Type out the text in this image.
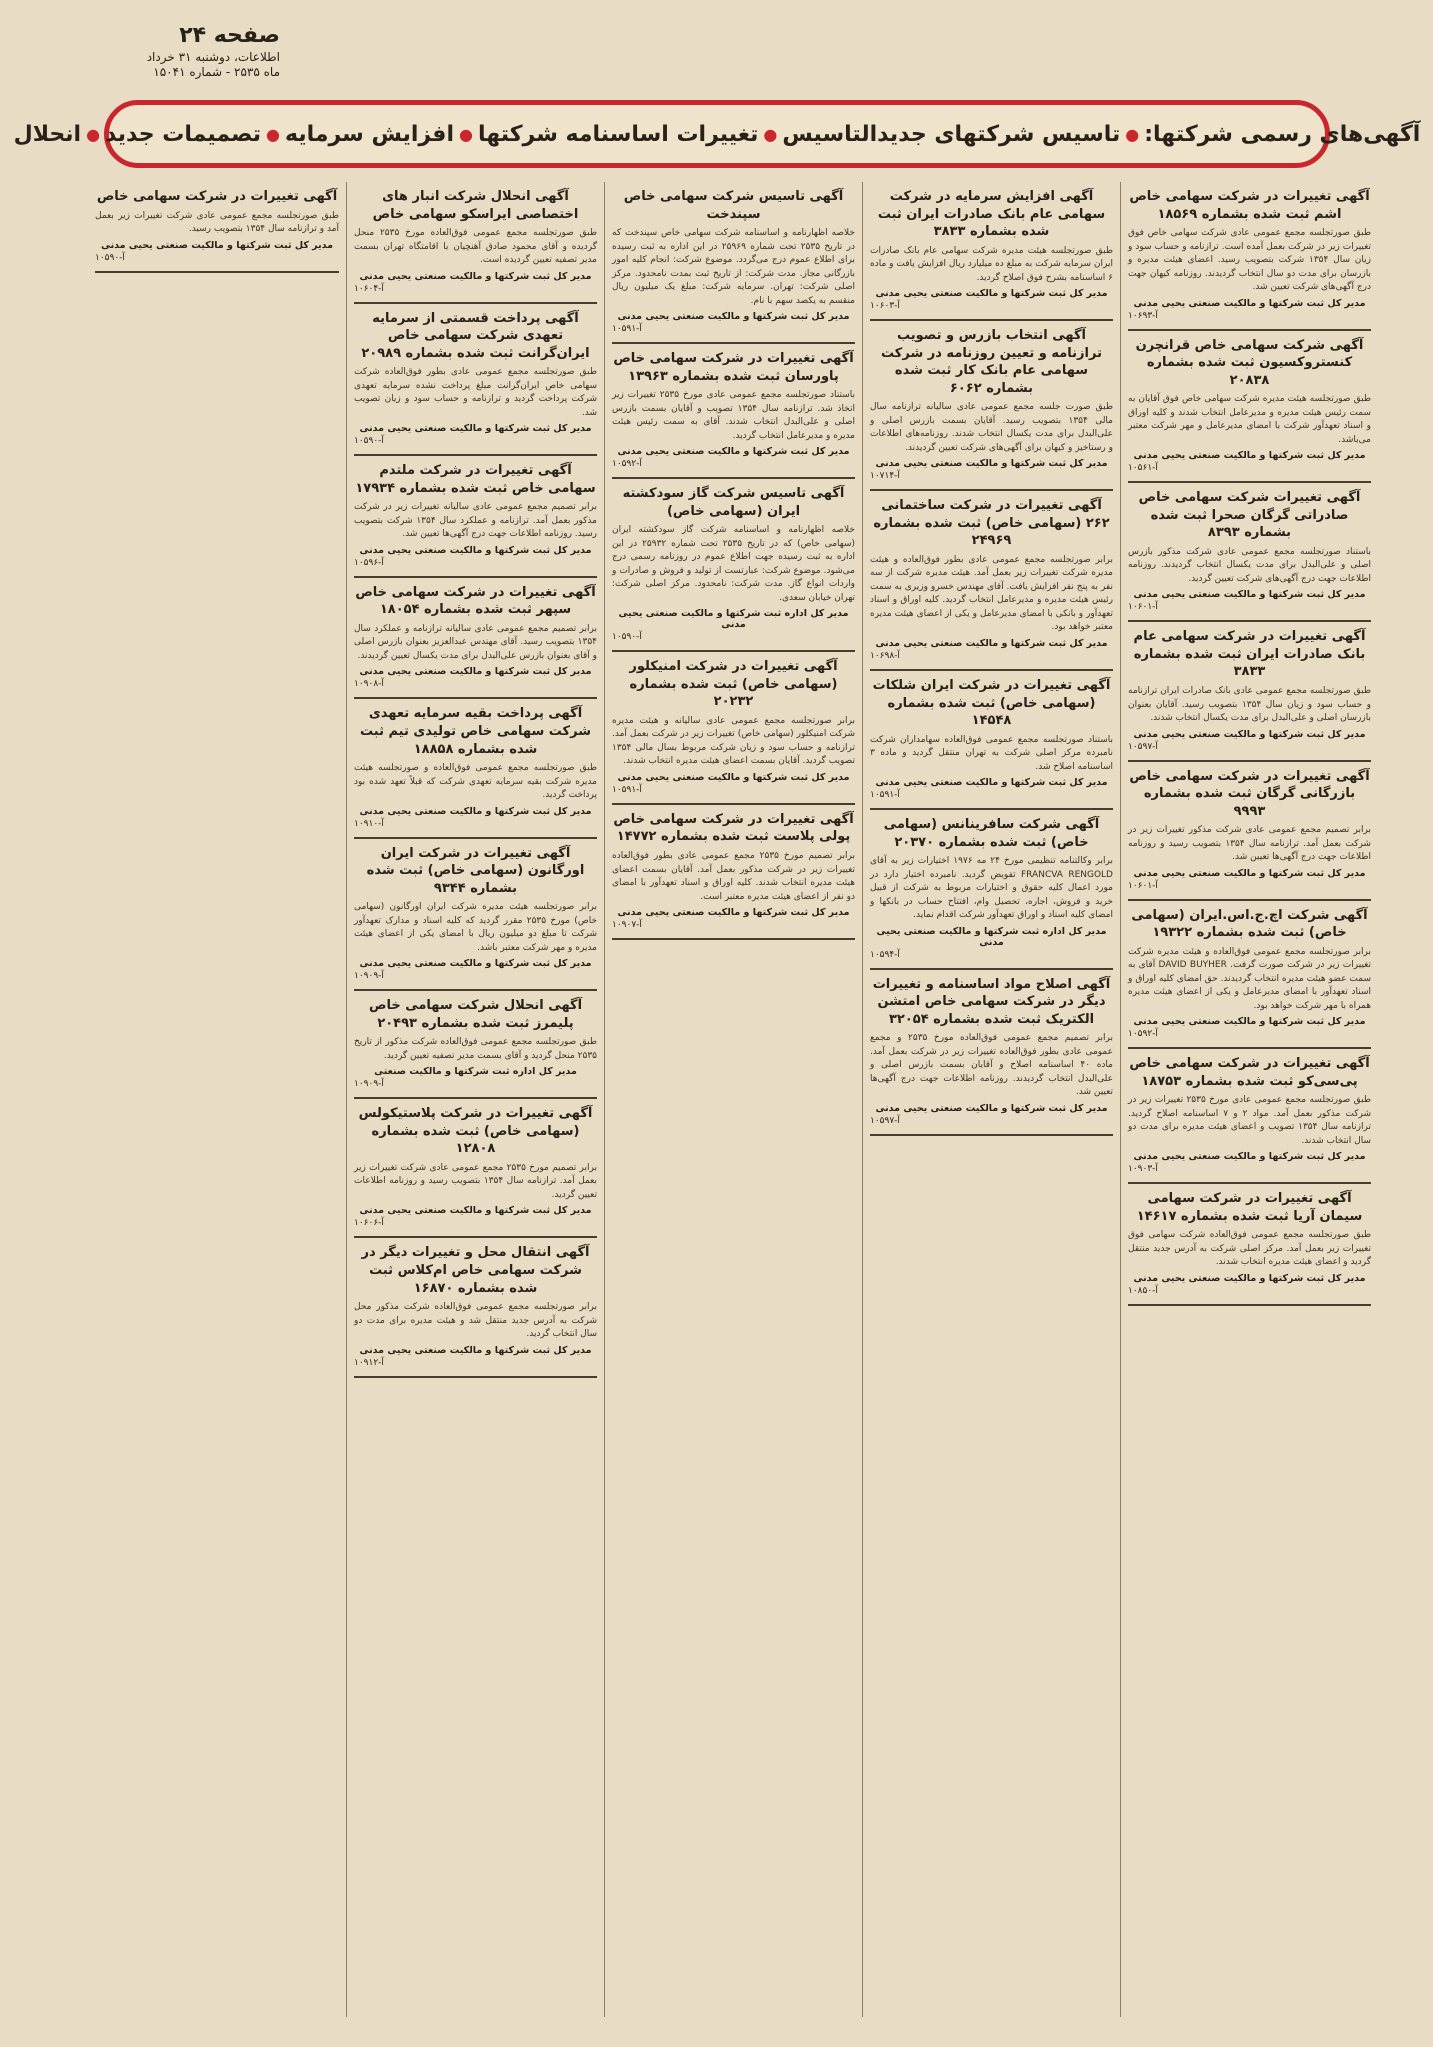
صفحه ۲۴
اطلاعات، دوشنبه ۳۱ خرداد
ماه ۲۵۳۵ - شماره ۱۵۰۴۱
آگهی‌های رسمی شرکتها:
●
تاسیس شرکتهای جدیدالتاسیس
●
تغییرات اساسنامه شرکتها
●
افزایش سرمایه
●
تصمیمات جدید
●
انحلال
آگهی تغییرات در شرکت سهامی خاص اشم ثبت شده بشماره ۱۸۵۶۹

طبق صورتجلسه مجمع عمومی عادی شرکت سهامی خاص فوق تغییرات زیر در شرکت بعمل آمده است. ترازنامه و حساب سود و زیان سال ۱۳۵۴ شرکت بتصویب رسید. اعضای هیئت مدیره و بازرسان برای مدت دو سال انتخاب گردیدند. روزنامه کیهان جهت درج آگهی‌های شرکت تعیین شد.

مدیر کل ثبت شرکتها و مالکیت صنعتی یحیی مدنی
آ-۱۰۶۹۳
آگهی شرکت سهامی خاص قرانچرن کنستروکسیون ثبت شده بشماره ۲۰۸۳۸

طبق صورتجلسه هیئت مدیره شرکت سهامی خاص فوق آقایان به سمت رئیس هیئت مدیره و مدیرعامل انتخاب شدند و کلیه اوراق و اسناد تعهدآور شرکت با امضای مدیرعامل و مهر شرکت معتبر می‌باشد.

مدیر کل ثبت شرکتها و مالکیت صنعتی یحیی مدنی
آ-۱۰۵۶۱
آگهی تغییرات شرکت سهامی خاص صادراتی گرگان صحرا ثبت شده بشماره ۸۳۹۳

باستناد صورتجلسه مجمع عمومی عادی شرکت مذکور بازرس اصلی و علی‌البدل برای مدت یکسال انتخاب گردیدند. روزنامه اطلاعات جهت درج آگهی‌های شرکت تعیین گردید.

مدیر کل ثبت شرکتها و مالکیت صنعتی یحیی مدنی
آ-۱۰۶۰۱
آگهی تغییرات در شرکت سهامی عام بانک صادرات ایران ثبت شده بشماره ۳۸۳۳

طبق صورتجلسه مجمع عمومی عادی بانک صادرات ایران ترازنامه و حساب سود و زیان سال ۱۳۵۴ بتصویب رسید. آقایان بعنوان بازرسان اصلی و علی‌البدل برای مدت یکسال انتخاب شدند.

مدیر کل ثبت شرکتها و مالکیت صنعتی یحیی مدنی
آ-۱۰۵۹۷
آگهی تغییرات در شرکت سهامی خاص بازرگانی گرگان ثبت شده بشماره ۹۹۹۳

برابر تصمیم مجمع عمومی عادی شرکت مذکور تغییرات زیر در شرکت بعمل آمد. ترازنامه سال ۱۳۵۴ بتصویب رسید و روزنامه اطلاعات جهت درج آگهی‌ها تعیین شد.

مدیر کل ثبت شرکتها و مالکیت صنعتی یحیی مدنی
آ-۱۰۶۰۱
آگهی شرکت اچ.ج.اس.ایران (سهامی خاص) ثبت شده بشماره ۱۹۳۲۲

برابر صورتجلسه مجمع عمومی فوق‌العاده و هیئت مدیره شرکت تغییرات زیر در شرکت صورت گرفت. DAVID BUYHER آقای به سمت عضو هیئت مدیره انتخاب گردیدند. حق امضای کلیه اوراق و اسناد تعهدآور با امضای مدیرعامل و یکی از اعضای هیئت مدیره همراه با مهر شرکت خواهد بود.

مدیر کل ثبت شرکتها و مالکیت صنعتی یحیی مدنی
آ-۱۰۵۹۲
آگهی تغییرات در شرکت سهامی خاص پی‌سی‌کو ثبت شده بشماره ۱۸۷۵۳

طبق صورتجلسه مجمع عمومی عادی مورخ ۲۵۳۵ تغییرات زیر در شرکت مذکور بعمل آمد. مواد ۲ و ۷ اساسنامه اصلاح گردید. ترازنامه سال ۱۳۵۴ تصویب و اعضای هیئت مدیره برای مدت دو سال انتخاب شدند.

مدیر کل ثبت شرکتها و مالکیت صنعتی یحیی مدنی
آ-۱۰۹۰۳
آگهی تغییرات در شرکت سهامی سیمان آریا ثبت شده بشماره ۱۴۶۱۷

طبق صورتجلسه مجمع عمومی فوق‌العاده شرکت سهامی فوق تغییرات زیر بعمل آمد. مرکز اصلی شرکت به آدرس جدید منتقل گردید و اعضای هیئت مدیره انتخاب شدند.

مدیر کل ثبت شرکتها و مالکیت صنعتی یحیی مدنی
آ-۱۰۸۵۰
آگهی افزایش سرمایه در شرکت سهامی عام بانک صادرات ایران ثبت شده بشماره ۳۸۳۳

طبق صورتجلسه هیئت مدیره شرکت سهامی عام بانک صادرات ایران سرمایه شرکت به مبلغ ده میلیارد ریال افزایش یافت و ماده ۶ اساسنامه بشرح فوق اصلاح گردید.

مدیر کل ثبت شرکتها و مالکیت صنعتی یحیی مدنی
آ-۱۰۶۰۳
آگهی انتخاب بازرس و تصویب ترازنامه و تعیین روزنامه در شرکت سهامی عام بانک کار ثبت شده بشماره ۶۰۶۲

طبق صورت جلسه مجمع عمومی عادی سالیانه ترازنامه سال مالی ۱۳۵۴ بتصویب رسید. آقایان بسمت بازرس اصلی و علی‌البدل برای مدت یکسال انتخاب شدند. روزنامه‌های اطلاعات و رستاخیز و کیهان برای آگهی‌های شرکت تعیین گردیدند.

مدیر کل ثبت شرکتها و مالکیت صنعتی یحیی مدنی
آ-۱۰۷۱۴
آگهی تغییرات در شرکت ساختمانی ۲۶۲ (سهامی خاص) ثبت شده بشماره ۲۴۹۶۹

برابر صورتجلسه مجمع عمومی عادی بطور فوق‌العاده و هیئت مدیره شرکت تغییرات زیر بعمل آمد. هیئت مدیره شرکت از سه نفر به پنج نفر افزایش یافت. آقای مهندس خسرو وزیری به سمت رئیس هیئت مدیره و مدیرعامل انتخاب گردید. کلیه اوراق و اسناد تعهدآور و بانکی با امضای مدیرعامل و یکی از اعضای هیئت مدیره معتبر خواهد بود.

مدیر کل ثبت شرکتها و مالکیت صنعتی یحیی مدنی
آ-۱۰۶۹۸
آگهی تغییرات در شرکت ایران شلکات (سهامی خاص) ثبت شده بشماره ۱۴۵۴۸

باستناد صورتجلسه مجمع عمومی فوق‌العاده سهامداران شرکت نامبرده مرکز اصلی شرکت به تهران منتقل گردید و ماده ۳ اساسنامه اصلاح شد.

مدیر کل ثبت شرکتها و مالکیت صنعتی یحیی مدنی
آ-۱۰۵۹۱
آگهی شرکت سافرینانس (سهامی خاص) ثبت شده بشماره ۲۰۳۷۰

برابر وکالتنامه تنظیمی مورخ ۲۴ مه ۱۹۷۶ اختیارات زیر به آقای FRANCVA RENGOLD تفویض گردید. نامبرده اختیار دارد در مورد اعمال کلیه حقوق و اختیارات مربوط به شرکت از قبیل خرید و فروش، اجاره، تحصیل وام، افتتاح حساب در بانکها و امضای کلیه اسناد و اوراق تعهدآور شرکت اقدام نماید.

مدیر کل اداره ثبت شرکتها و مالکیت صنعتی یحیی مدنی
آ-۱۰۵۹۴
آگهی اصلاح مواد اساسنامه و تغییرات دیگر در شرکت سهامی خاص امتشن الکتریک ثبت شده بشماره ۳۲۰۵۴

برابر تصمیم مجمع عمومی فوق‌العاده مورخ ۲۵۳۵ و مجمع عمومی عادی بطور فوق‌العاده تغییرات زیر در شرکت بعمل آمد. ماده ۴۰ اساسنامه اصلاح و آقایان بسمت بازرس اصلی و علی‌البدل انتخاب گردیدند. روزنامه اطلاعات جهت درج آگهی‌ها تعیین شد.

مدیر کل ثبت شرکتها و مالکیت صنعتی یحیی مدنی
آ-۱۰۵۹۷
آگهی تاسیس شرکت سهامی خاص سپندخت

خلاصه اظهارنامه و اساسنامه شرکت سهامی خاص سپندخت که در تاریخ ۲۵۳۵ تحت شماره ۲۵۹۶۹ در این اداره به ثبت رسیده برای اطلاع عموم درج می‌گردد. موضوع شرکت: انجام کلیه امور بازرگانی مجاز. مدت شرکت: از تاریخ ثبت بمدت نامحدود. مرکز اصلی شرکت: تهران. سرمایه شرکت: مبلغ یک میلیون ریال منقسم به یکصد سهم با نام.

مدیر کل ثبت شرکتها و مالکیت صنعتی یحیی مدنی
آ-۱۰۵۹۱
آگهی تغییرات در شرکت سهامی خاص پاورسان ثبت شده بشماره ۱۳۹۶۳

باستناد صورتجلسه مجمع عمومی عادی مورخ ۲۵۳۵ تغییرات زیر اتخاذ شد. ترازنامه سال ۱۳۵۴ تصویب و آقایان بسمت بازرس اصلی و علی‌البدل انتخاب شدند. آقای به سمت رئیس هیئت مدیره و مدیرعامل انتخاب گردید.

مدیر کل ثبت شرکتها و مالکیت صنعتی یحیی مدنی
آ-۱۰۵۹۲
آگهی تاسیس شرکت گاز سودکشته ایران (سهامی خاص)

خلاصه اظهارنامه و اساسنامه شرکت گاز سودکشته ایران (سهامی خاص) که در تاریخ ۲۵۳۵ تحت شماره ۲۵۹۳۲ در این اداره به ثبت رسیده جهت اطلاع عموم در روزنامه رسمی درج می‌شود. موضوع شرکت: عبارتست از تولید و فروش و صادرات و واردات انواع گاز. مدت شرکت: نامحدود. مرکز اصلی شرکت: تهران خیابان سعدی.

مدیر کل اداره ثبت شرکتها و مالکیت صنعتی یحیی مدنی
آ-۱۰۵۹۰
آگهی تغییرات در شرکت امنیکلور (سهامی خاص) ثبت شده بشماره ۲۰۲۳۲

برابر صورتجلسه مجمع عمومی عادی سالیانه و هیئت مدیره شرکت امنیکلور (سهامی خاص) تغییرات زیر در شرکت بعمل آمد. ترازنامه و حساب سود و زیان شرکت مربوط بسال مالی ۱۳۵۴ تصویب گردید. آقایان بسمت اعضای هیئت مدیره انتخاب شدند.

مدیر کل ثبت شرکتها و مالکیت صنعتی یحیی مدنی
آ-۱۰۵۹۱
آگهی تغییرات در شرکت سهامی خاص پولی پلاست ثبت شده بشماره ۱۴۷۷۲

برابر تصمیم مورخ ۲۵۳۵ مجمع عمومی عادی بطور فوق‌العاده تغییرات زیر در شرکت مذکور بعمل آمد. آقایان بسمت اعضای هیئت مدیره انتخاب شدند. کلیه اوراق و اسناد تعهدآور با امضای دو نفر از اعضای هیئت مدیره معتبر است.

مدیر کل ثبت شرکتها و مالکیت صنعتی یحیی مدنی
آ-۱۰۹۰۷
آگهی انحلال شرکت انبار های اختصاصی ایراسکو سهامی خاص

طبق صورتجلسه مجمع عمومی فوق‌العاده مورخ ۲۵۳۵ منحل گردیده و آقای محمود صادق آهنچیان با اقامتگاه تهران بسمت مدیر تصفیه تعیین گردیده است.

مدیر کل ثبت شرکتها و مالکیت صنعتی یحیی مدنی
آ-۱۰۶۰۴
آگهی پرداخت قسمتی از سرمایه تعهدی شرکت سهامی خاص ایران‌گرانت ثبت شده بشماره ۲۰۹۸۹

طبق صورتجلسه مجمع عمومی عادی بطور فوق‌العاده شرکت سهامی خاص ایران‌گرانت مبلغ پرداخت نشده سرمایه تعهدی شرکت پرداخت گردید و ترازنامه و حساب سود و زیان تصویب شد.

مدیر کل ثبت شرکتها و مالکیت صنعتی یحیی مدنی
آ-۱۰۵۹۰
آگهی تغییرات در شرکت ملتدم سهامی خاص ثبت شده بشماره ۱۷۹۳۴

برابر تصمیم مجمع عمومی عادی سالیانه تغییرات زیر در شرکت مذکور بعمل آمد. ترازنامه و عملکرد سال ۱۳۵۴ شرکت بتصویب رسید. روزنامه اطلاعات جهت درج آگهی‌ها تعیین شد.

مدیر کل ثبت شرکتها و مالکیت صنعتی یحیی مدنی
آ-۱۰۵۹۶
آگهی تغییرات در شرکت سهامی خاص سپهر ثبت شده بشماره ۱۸۰۵۴

برابر تصمیم مجمع عمومی عادی سالیانه ترازنامه و عملکرد سال ۱۳۵۴ بتصویب رسید. آقای مهندس عبدالعزیز بعنوان بازرس اصلی و آقای بعنوان بازرس علی‌البدل برای مدت یکسال تعیین گردیدند.

مدیر کل ثبت شرکتها و مالکیت صنعتی یحیی مدنی
آ-۱۰۹۰۸
آگهی پرداخت بقیه سرمایه تعهدی شرکت سهامی خاص تولیدی تیم ثبت شده بشماره ۱۸۸۵۸

طبق صورتجلسه مجمع عمومی فوق‌العاده و صورتجلسه هیئت مدیره شرکت بقیه سرمایه تعهدی شرکت که قبلاً تعهد شده بود پرداخت گردید.

مدیر کل ثبت شرکتها و مالکیت صنعتی یحیی مدنی
آ-۱۰۹۱۰
آگهی تغییرات در شرکت ایران اورگانون (سهامی خاص) ثبت شده بشماره ۹۳۴۴

برابر صورتجلسه هیئت مدیره شرکت ایران اورگانون (سهامی خاص) مورخ ۲۵۳۵ مقرر گردید که کلیه اسناد و مدارک تعهدآور شرکت تا مبلغ دو میلیون ریال با امضای یکی از اعضای هیئت مدیره و مهر شرکت معتبر باشد.

مدیر کل ثبت شرکتها و مالکیت صنعتی یحیی مدنی
آ-۱۰۹۰۹
آگهی انحلال شرکت سهامی خاص پلیمرز ثبت شده بشماره ۲۰۴۹۳

طبق صورتجلسه مجمع عمومی فوق‌العاده شرکت مذکور از تاریخ ۲۵۳۵ منحل گردید و آقای بسمت مدیر تصفیه تعیین گردید.

مدیر کل اداره ثبت شرکتها و مالکیت صنعتی
آ-۱۰۹۰۹
آگهی تغییرات در شرکت پلاستیکولس (سهامی خاص) ثبت شده بشماره ۱۲۸۰۸

برابر تصمیم مورخ ۲۵۳۵ مجمع عمومی عادی شرکت تغییرات زیر بعمل آمد. ترازنامه سال ۱۳۵۴ بتصویب رسید و روزنامه اطلاعات تعیین گردید.

مدیر کل ثبت شرکتها و مالکیت صنعتی یحیی مدنی
آ-۱۰۶۰۶
آگهی انتقال محل و تغییرات دیگر در شرکت سهامی خاص ام‌کلاس ثبت شده بشماره ۱۶۸۷۰

برابر صورتجلسه مجمع عمومی فوق‌العاده شرکت مذکور محل شرکت به آدرس جدید منتقل شد و هیئت مدیره برای مدت دو سال انتخاب گردید.

مدیر کل ثبت شرکتها و مالکیت صنعتی یحیی مدنی
آ-۱۰۹۱۲
آگهی تغییرات در شرکت سهامی خاص

طبق صورتجلسه مجمع عمومی عادی شرکت تغییرات زیر بعمل آمد و ترازنامه سال ۱۳۵۴ بتصویب رسید.

مدیر کل ثبت شرکتها و مالکیت صنعتی یحیی مدنی
آ-۱۰۵۹۰
